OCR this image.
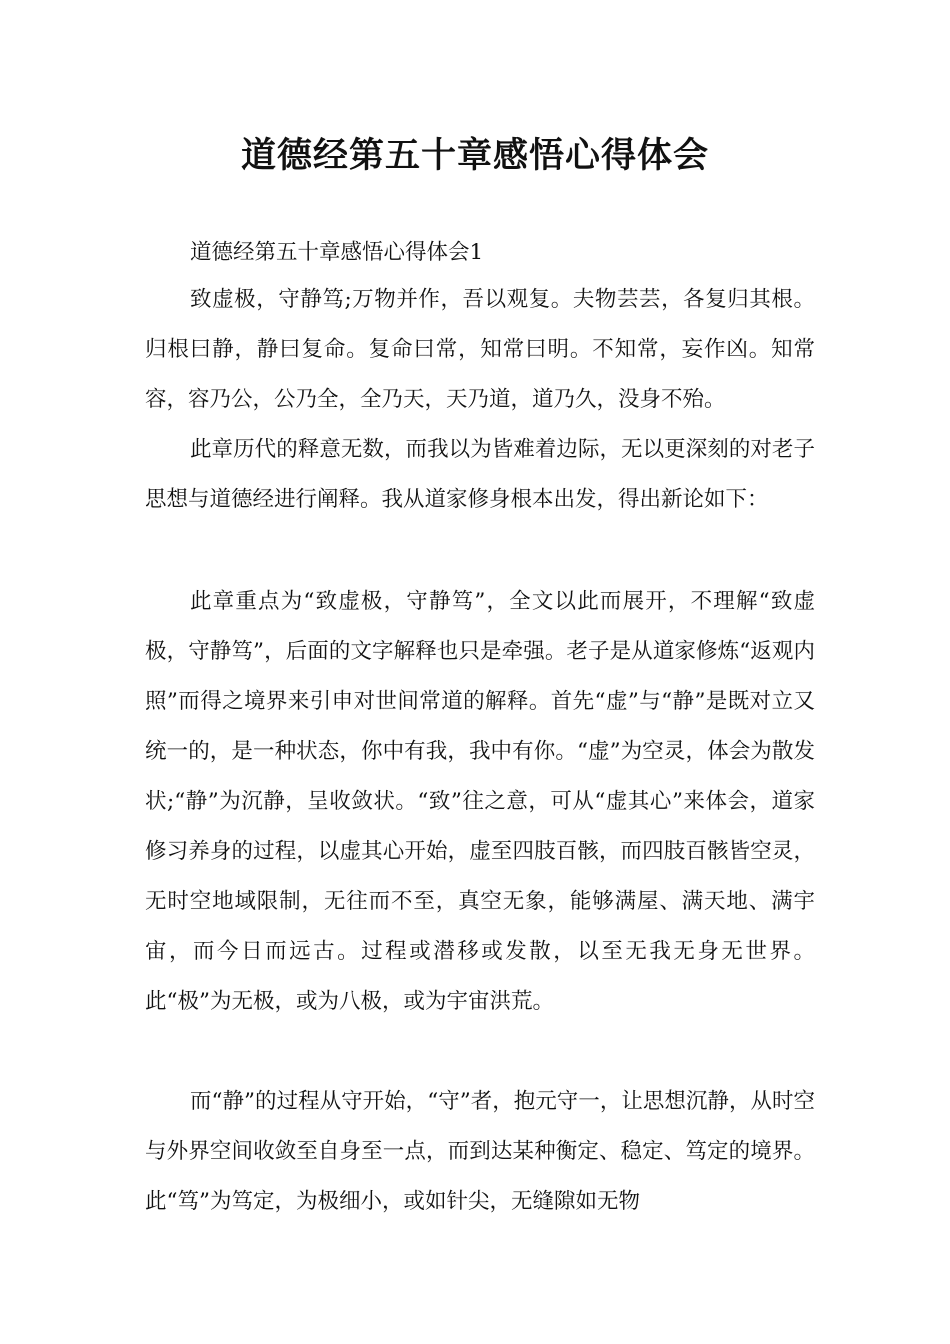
道德经第五十章感悟心得体会

道德经第五十章感悟心得体会1

致虚极，守静笃;万物并作，吾以观复。夫物芸芸，各复归其根。归根曰静，静曰复命。复命曰常，知常曰明。不知常，妄作凶。知常容，容乃公，公乃全，全乃天，天乃道，道乃久，没身不殆。

此章历代的释意无数，而我以为皆难着边际，无以更深刻的对老子思想与道德经进行阐释。我从道家修身根本出发，得出新论如下：

此章重点为“致虚极，守静笃”，全文以此而展开，不理解“致虚极，守静笃”，后面的文字解释也只是牵强。老子是从道家修炼“返观内照”而得之境界来引申对世间常道的解释。首先“虚”与“静”是既对立又统一的，是一种状态，你中有我，我中有你。“虚”为空灵，体会为散发状;“静”为沉静，呈收敛状。“致”往之意，可从“虚其心”来体会，道家修习养身的过程，以虚其心开始，虚至四肢百骸，而四肢百骸皆空灵，无时空地域限制，无往而不至，真空无象，能够满屋、满天地、满宇宙，而今日而远古。过程或潜移或发散，以至无我无身无世界。此“极”为无极，或为八极，或为宇宙洪荒。

而“静”的过程从守开始，“守”者，抱元守一，让思想沉静，从时空与外界空间收敛至自身至一点，而到达某种衡定、稳定、笃定的境界。此“笃”为笃定，为极细小，或如针尖，无缝隙如无物
